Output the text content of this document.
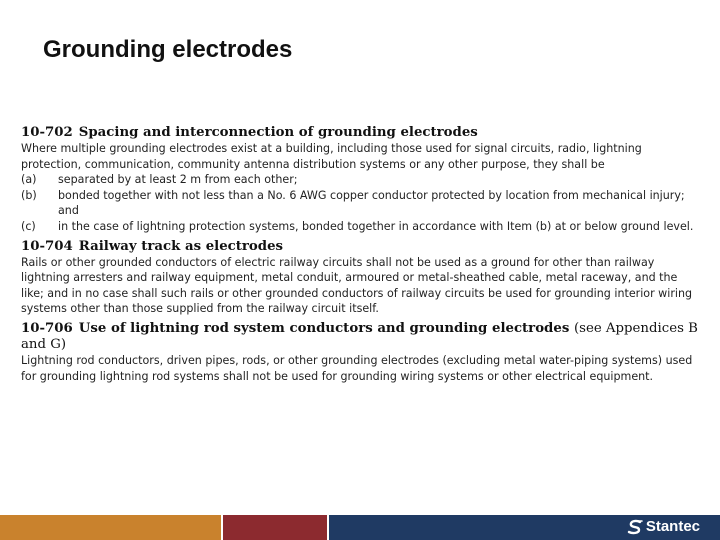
Grounding electrodes
10-702 Spacing and interconnection of grounding electrodes

Where multiple grounding electrodes exist at a building, including those used for signal circuits, radio, lightning protection, communication, community antenna distribution systems or any other purpose, they shall be

(a)	separated by at least 2 m from each other;
(b)	bonded together with not less than a No. 6 AWG copper conductor protected by location from mechanical injury; and
(c)	in the case of lightning protection systems, bonded together in accordance with Item (b) at or below ground level.
10-704 Railway track as electrodes

Rails or other grounded conductors of electric railway circuits shall not be used as a ground for other than railway lightning arresters and railway equipment, metal conduit, armoured or metal-sheathed cable, metal raceway, and the like; and in no case shall such rails or other grounded conductors of railway circuits be used for grounding interior wiring systems other than those supplied from the railway circuit itself.

10-706 Use of lightning rod system conductors and grounding electrodes (see Appendices B and G)

Lightning rod conductors, driven pipes, rods, or other grounding electrodes (excluding metal water-piping systems) used for grounding lightning rod systems shall not be used for grounding wiring systems or other electrical equipment.

Stantec
